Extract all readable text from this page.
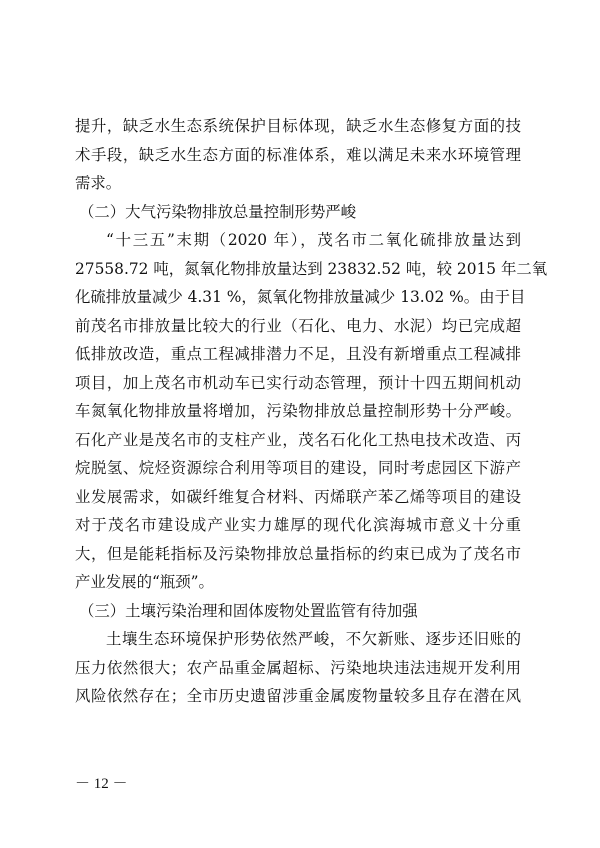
提升，缺乏水生态系统保护目标体现，缺乏水生态修复方面的技
术手段，缺乏水生态方面的标准体系，难以满足未来水环境管理
需求。
（二）大气污染物排放总量控制形势严峻
“十三五”末期（2020 年），茂名市二氧化硫排放量达到
27558.72 吨，氮氧化物排放量达到 23832.52 吨，较 2015 年二氧
化硫排放量减少 4.31 %，氮氧化物排放量减少 13.02 %。由于目
前茂名市排放量比较大的行业（石化、电力、水泥）均已完成超
低排放改造，重点工程减排潜力不足，且没有新增重点工程减排
项目，加上茂名市机动车已实行动态管理，预计十四五期间机动
车氮氧化物排放量将增加，污染物排放总量控制形势十分严峻。
石化产业是茂名市的支柱产业，茂名石化化工热电技术改造、丙
烷脱氢、烷烃资源综合利用等项目的建设，同时考虑园区下游产
业发展需求，如碳纤维复合材料、丙烯联产苯乙烯等项目的建设
对于茂名市建设成产业实力雄厚的现代化滨海城市意义十分重
大，但是能耗指标及污染物排放总量指标的约束已成为了茂名市
产业发展的“瓶颈”。
（三）土壤污染治理和固体废物处置监管有待加强
土壤生态环境保护形势依然严峻，不欠新账、逐步还旧账的
压力依然很大；农产品重金属超标、污染地块违法违规开发利用
风险依然存在；全市历史遗留涉重金属废物量较多且存在潜在风
－ 12 －
